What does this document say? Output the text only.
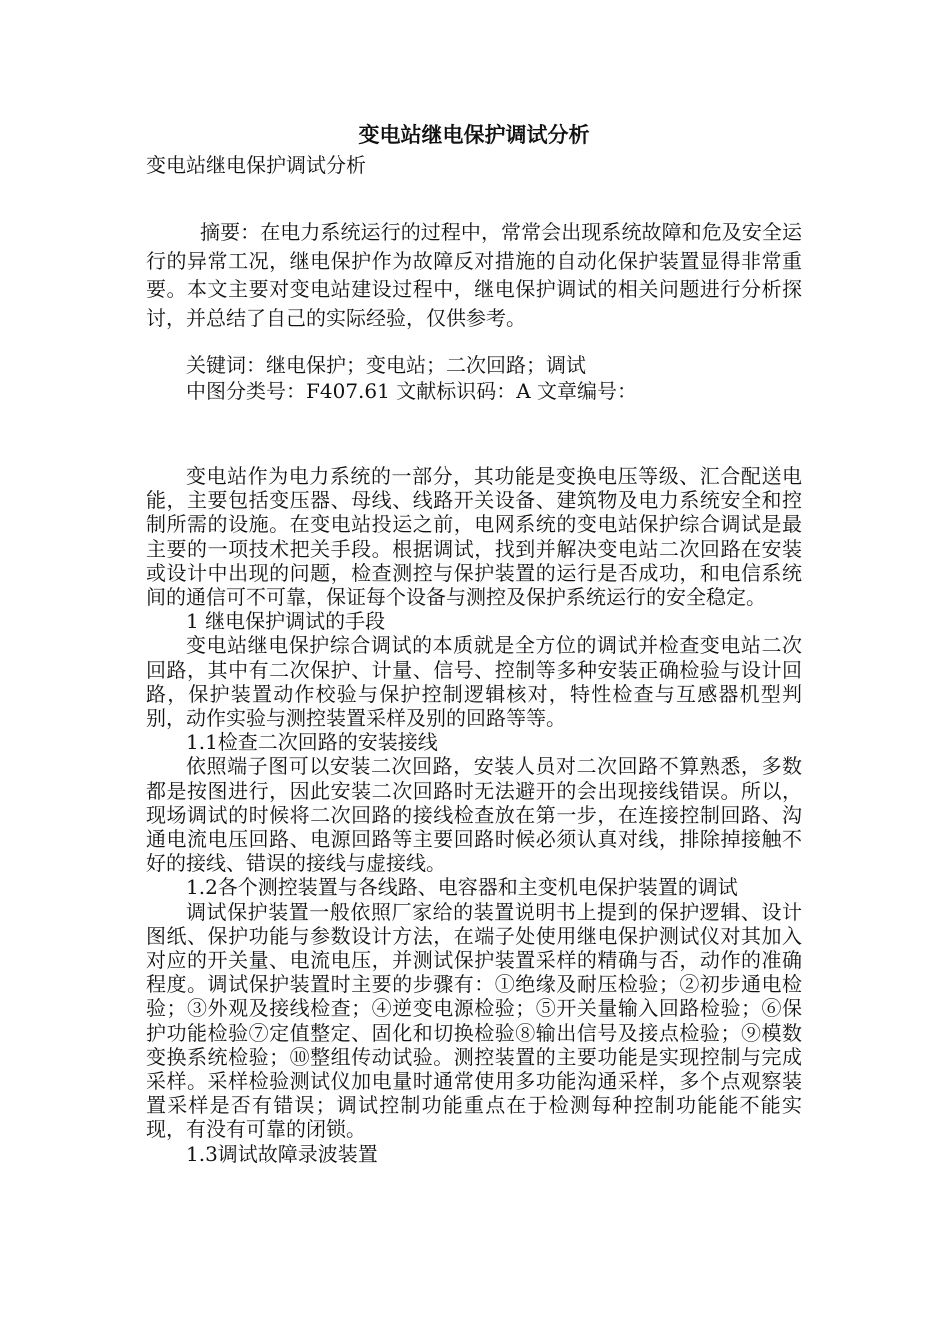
变电站继电保护调试分析

变电站继电保护调试分析

摘要：在电力系统运行的过程中，常常会出现系统故障和危及安全运行的异常工况，继电保护作为故障反对措施的自动化保护装置显得非常重要。本文主要对变电站建设过程中，继电保护调试的相关问题进行分析探讨，并总结了自己的实际经验，仅供参考。

关键词：继电保护；变电站；二次回路；调试

中图分类号：F407.61 文献标识码：A 文章编号：

变电站作为电力系统的一部分，其功能是变换电压等级、汇合配送电能，主要包括变压器、母线、线路开关设备、建筑物及电力系统安全和控制所需的设施。在变电站投运之前，电网系统的变电站保护综合调试是最主要的一项技术把关手段。根据调试，找到并解决变电站二次回路在安装或设计中出现的问题，检查测控与保护装置的运行是否成功，和电信系统间的通信可不可靠，保证每个设备与测控及保护系统运行的安全稳定。

1 继电保护调试的手段

变电站继电保护综合调试的本质就是全方位的调试并检查变电站二次回路，其中有二次保护、计量、信号、控制等多种安装正确检验与设计回路，保护装置动作校验与保护控制逻辑核对，特性检查与互感器机型判别，动作实验与测控装置采样及别的回路等等。

1.1检查二次回路的安装接线

依照端子图可以安装二次回路，安装人员对二次回路不算熟悉，多数都是按图进行，因此安装二次回路时无法避开的会出现接线错误。所以，现场调试的时候将二次回路的接线检查放在第一步，在连接控制回路、沟通电流电压回路、电源回路等主要回路时候必须认真对线，排除掉接触不好的接线、错误的接线与虚接线。

1.2各个测控装置与各线路、电容器和主变机电保护装置的调试

调试保护装置一般依照厂家给的装置说明书上提到的保护逻辑、设计图纸、保护功能与参数设计方法，在端子处使用继电保护测试仪对其加入对应的开关量、电流电压，并测试保护装置采样的精确与否，动作的准确程度。调试保护装置时主要的步骤有：①绝缘及耐压检验；②初步通电检验；③外观及接线检查；④逆变电源检验；⑤开关量输入回路检验；⑥保护功能检验⑦定值整定、固化和切换检验⑧输出信号及接点检验；⑨模数变换系统检验；⑩整组传动试验。测控装置的主要功能是实现控制与完成采样。采样检验测试仪加电量时通常使用多功能沟通采样，多个点观察装置采样是否有错误；调试控制功能重点在于检测每种控制功能能不能实现，有没有可靠的闭锁。

1.3调试故障录波装置
